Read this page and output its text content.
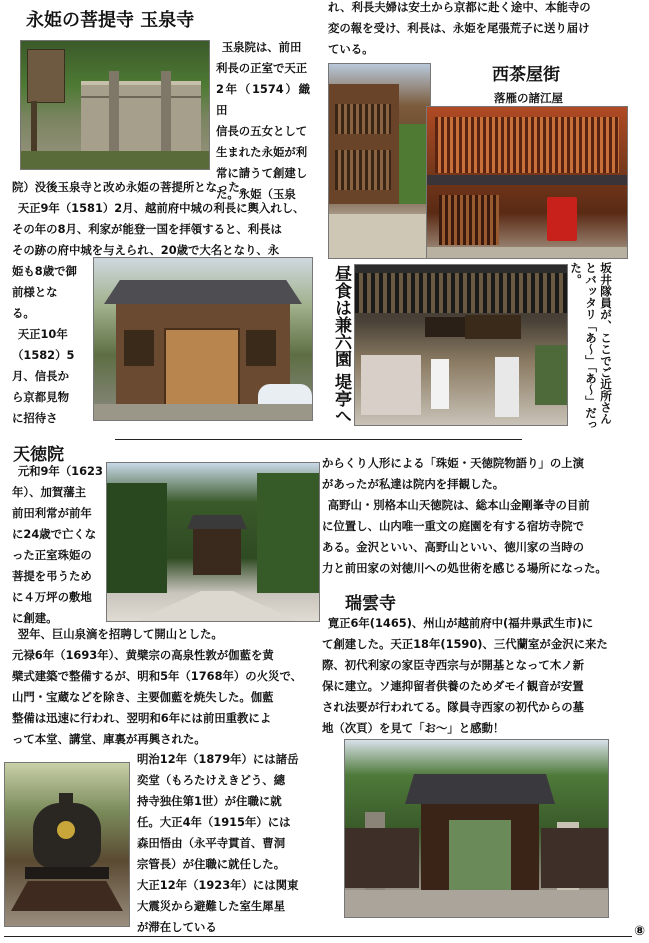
永姫の菩提寺 玉泉寺

玉泉院は、前田

利長の正室で天正

2年（1574）織田

信長の五女として

生まれた永姫が利

常に請うて創建し

た。永姫（玉泉

院）没後玉泉寺と改め永姫の菩提所となった。

天正9年（1581）2月、越前府中城の利長に輿入れし、

その年の8月、利家が能登一国を拝領すると、利長は

その跡の府中城を与えられ、20歳で大名となり、永

姫も8歳で御

前様とな

る。

天正10年

（1582）5

月、信長か

ら京都見物

に招待さ

れ、利長夫婦は安土から京都に赴く途中、本能寺の

変の報を受け、利長は、永姫を尾張荒子に送り届け

ている。

西茶屋街
落雁の諸江屋
昼食は兼六園 堤亭へ	坂井隊員が、ここでご近所さんとバッタリ「あ～」「あ～」だった。
天徳院

元和9年（1623

年）、加賀藩主

前田利常が前年

に24歳で亡くな

った正室珠姫の

菩提を弔うため

に４万坪の敷地

に創建。

翌年、巨山泉滴を招聘して開山とした。

元禄6年（1693年）、黄檗宗の高泉性敦が伽藍を黄

檗式建築で整備するが、明和5年（1768年）の火災で、

山門・宝蔵などを除き、主要伽藍を焼失した。伽藍

整備は迅速に行われ、翌明和6年には前田重教によ

って本堂、講堂、庫裏が再興された。

明治12年（1879年）には諸岳

奕堂（もろたけえきどう、總

持寺独住第1世）が住職に就

任。大正4年（1915年）には

森田悟由（永平寺貫首、曹洞

宗管長）が住職に就任した。

大正12年（1923年）には関東

大震災から避難した室生犀星

が滞在している

からくり人形による「珠姫・天徳院物語り」の上演

があったが私達は院内を拝観した。

高野山・別格本山天徳院は、総本山金剛峯寺の目前

に位置し、山内唯一重文の庭園を有する宿坊寺院で

ある。金沢といい、高野山といい、徳川家の当時の

力と前田家の対徳川への処世術を感じる場所になった。

瑞雲寺

寛正6年(1465)、州山が越前府中(福井県武生市)に

て創建した。天正18年(1590)、三代蘭室が金沢に来た

際、初代利家の家臣寺西宗与が開基となって木ノ新

保に建立。ソ連抑留者供養のためダモイ観音が安置

され法要が行われてる。隊員寺西家の初代からの墓

地（次頁）を見て「お～」と感動！

⑧
